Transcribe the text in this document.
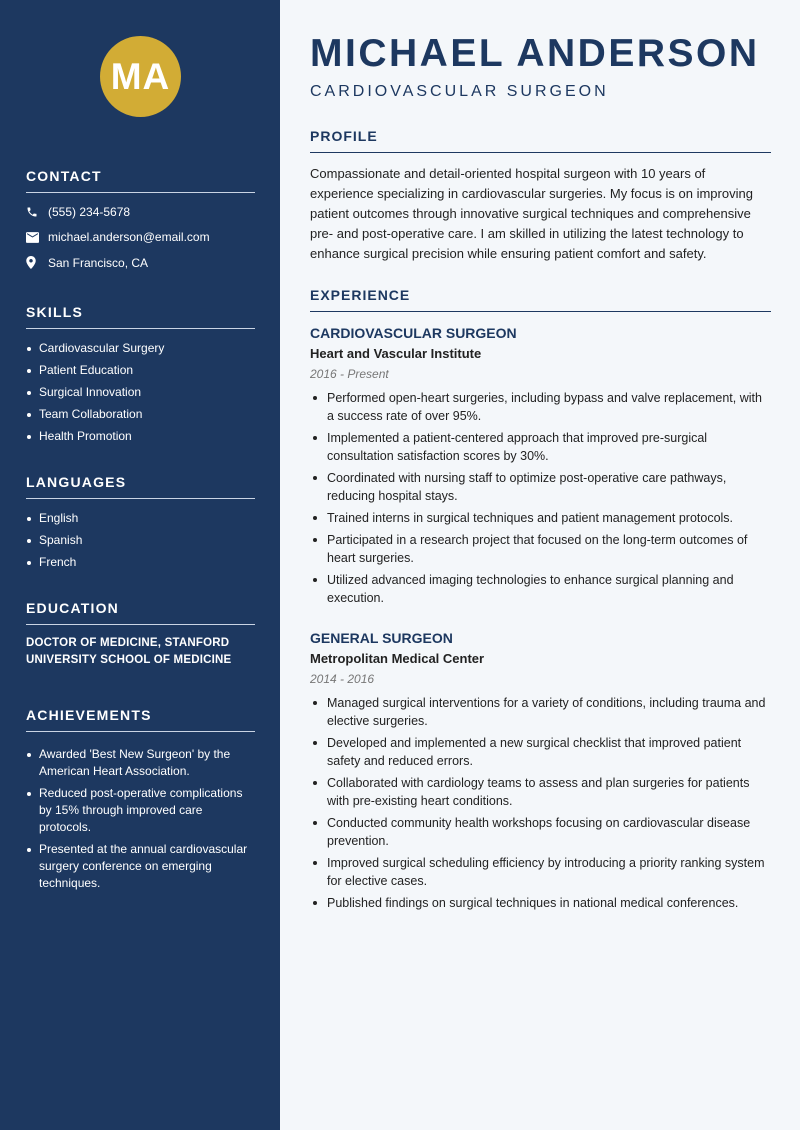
MA
CONTACT
(555) 234-5678
michael.anderson@email.com
San Francisco, CA
SKILLS
Cardiovascular Surgery
Patient Education
Surgical Innovation
Team Collaboration
Health Promotion
LANGUAGES
English
Spanish
French
EDUCATION
DOCTOR OF MEDICINE, STANFORD UNIVERSITY SCHOOL OF MEDICINE
ACHIEVEMENTS
Awarded 'Best New Surgeon' by the American Heart Association.
Reduced post-operative complications by 15% through improved care protocols.
Presented at the annual cardiovascular surgery conference on emerging techniques.
MICHAEL ANDERSON
CARDIOVASCULAR SURGEON
PROFILE
Compassionate and detail-oriented hospital surgeon with 10 years of experience specializing in cardiovascular surgeries. My focus is on improving patient outcomes through innovative surgical techniques and comprehensive pre- and post-operative care. I am skilled in utilizing the latest technology to enhance surgical precision while ensuring patient comfort and safety.
EXPERIENCE
CARDIOVASCULAR SURGEON
Heart and Vascular Institute
2016 - Present
Performed open-heart surgeries, including bypass and valve replacement, with a success rate of over 95%.
Implemented a patient-centered approach that improved pre-surgical consultation satisfaction scores by 30%.
Coordinated with nursing staff to optimize post-operative care pathways, reducing hospital stays.
Trained interns in surgical techniques and patient management protocols.
Participated in a research project that focused on the long-term outcomes of heart surgeries.
Utilized advanced imaging technologies to enhance surgical planning and execution.
GENERAL SURGEON
Metropolitan Medical Center
2014 - 2016
Managed surgical interventions for a variety of conditions, including trauma and elective surgeries.
Developed and implemented a new surgical checklist that improved patient safety and reduced errors.
Collaborated with cardiology teams to assess and plan surgeries for patients with pre-existing heart conditions.
Conducted community health workshops focusing on cardiovascular disease prevention.
Improved surgical scheduling efficiency by introducing a priority ranking system for elective cases.
Published findings on surgical techniques in national medical conferences.
